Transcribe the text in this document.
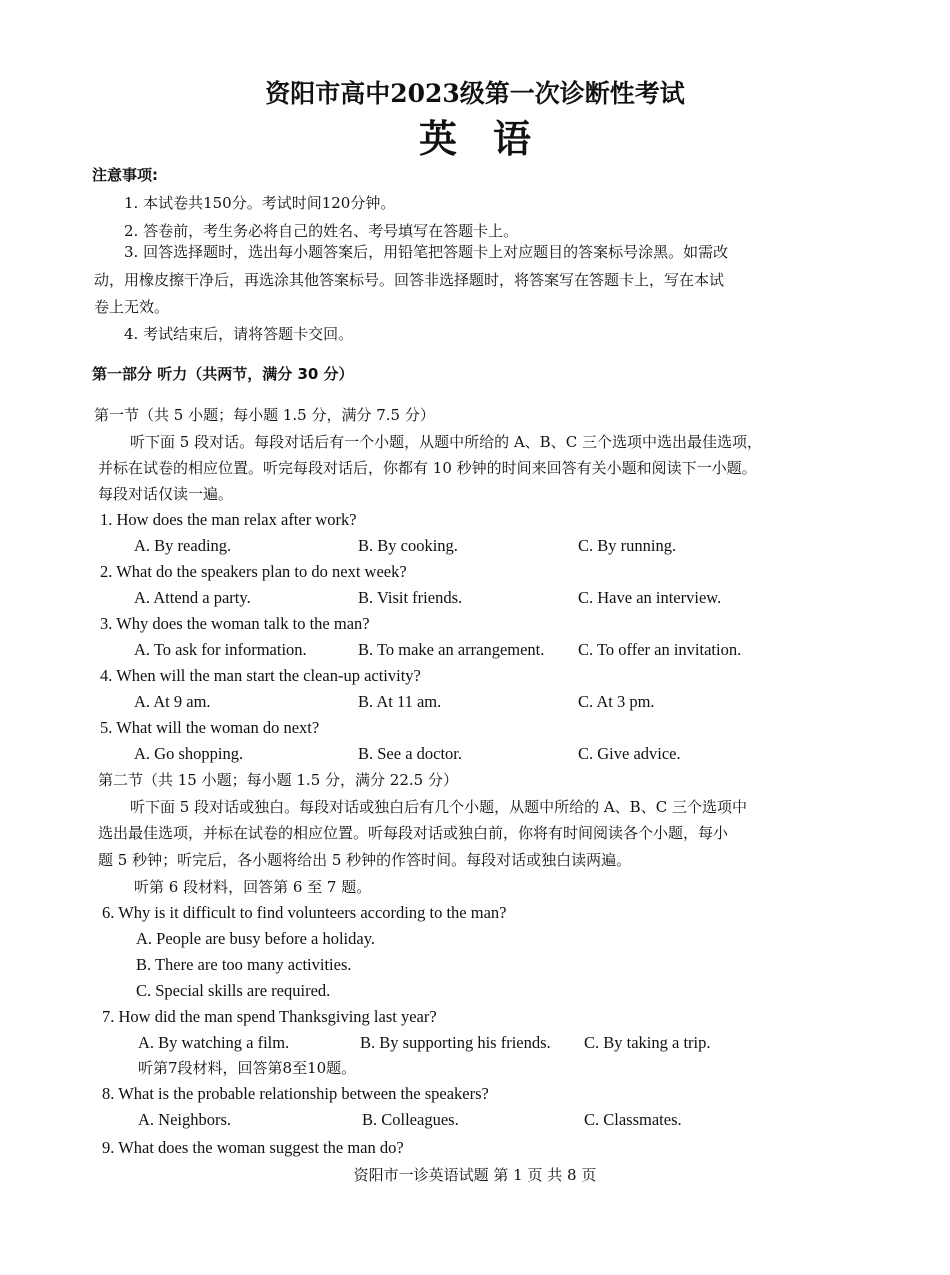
资阳市高中2023级第一次诊断性考试
英语
注意事项:
1. 本试卷共150分。考试时间120分钟。
2. 答卷前，考生务必将自己的姓名、考号填写在答题卡上。
3. 回答选择题时，选出每小题答案后，用铅笔把答题卡上对应题目的答案标号涂黑。如需改
动，用橡皮擦干净后，再选涂其他答案标号。回答非选择题时，将答案写在答题卡上，写在本试
卷上无效。
4. 考试结束后，请将答题卡交回。
第一部分 听力（共两节，满分 30 分）
第一节（共 5 小题；每小题 1.5 分，满分 7.5 分）
听下面 5 段对话。每段对话后有一个小题，从题中所给的 A、B、C 三个选项中选出最佳选项，
并标在试卷的相应位置。听完每段对话后，你都有 10 秒钟的时间来回答有关小题和阅读下一小题。
每段对话仅读一遍。
1. How does the man relax after work?
A. By reading.	B. By cooking.	C. By running.
2. What do the speakers plan to do next week?
A. Attend a party.	B. Visit friends.	C. Have an interview.
3. Why does the woman talk to the man?
A. To ask for information.	B. To make an arrangement. C. To offer an invitation.
4. When will the man start the clean-up activity?
A. At 9 am.	B. At 11 am.	C. At 3 pm.
5. What will the woman do next?
A. Go shopping.	B. See a doctor.	C. Give advice.
第二节（共 15 小题；每小题 1.5 分，满分 22.5 分）
听下面 5 段对话或独白。每段对话或独白后有几个小题，从题中所给的 A、B、C 三个选项中
选出最佳选项，并标在试卷的相应位置。听每段对话或独白前，你将有时间阅读各个小题，每小
题 5 秒钟；听完后，各小题将给出 5 秒钟的作答时间。每段对话或独白读两遍。
听第 6 段材料，回答第 6 至 7 题。
6. Why is it difficult to find volunteers according to the man?
A. People are busy before a holiday.
B. There are too many activities.
C. Special skills are required.
7. How did the man spend Thanksgiving last year?
A. By watching a film.	B. By supporting his friends. C. By taking a trip.
听第7段材料，回答第8至10题。
8. What is the probable relationship between the speakers?
A. Neighbors.	B. Colleagues.	C. Classmates.
9. What does the woman suggest the man do?
资阳市一诊英语试题 第 1 页 共 8 页
